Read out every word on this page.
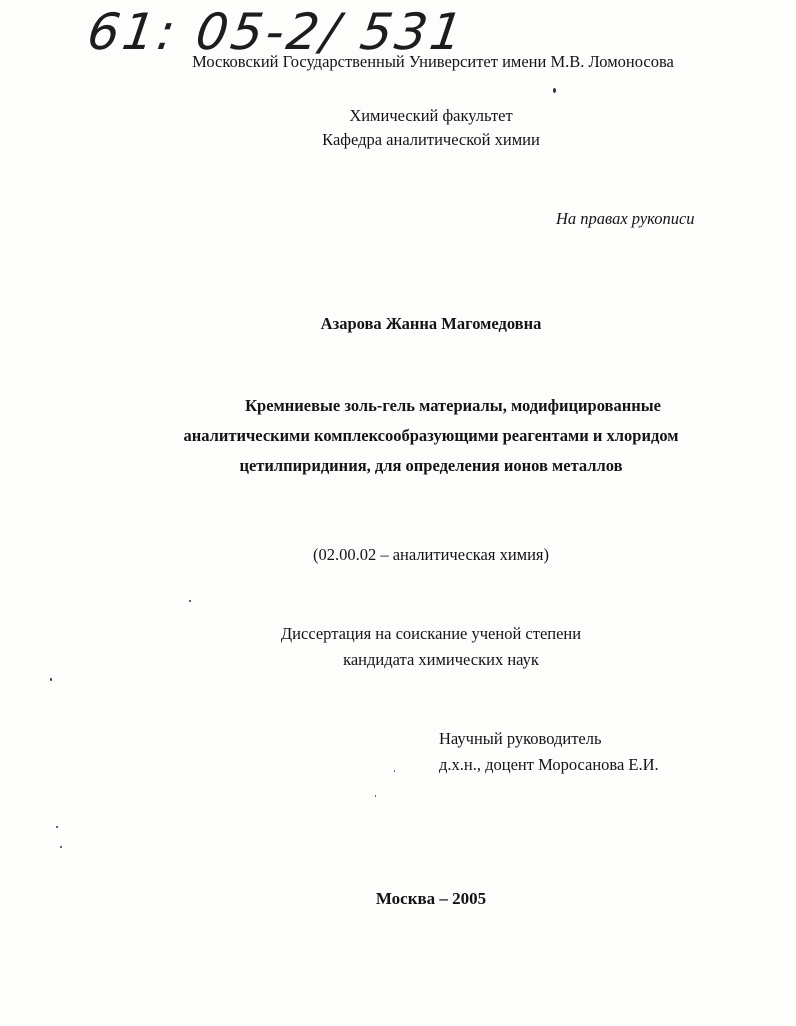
61: 05-2/ 531
Московский Государственный Университет имени М.В. Ломоносова
Химический факультет
Кафедра аналитической химии
На правах рукописи
Азарова Жанна Магомедовна
Кремниевые золь-гель материалы, модифицированные
аналитическими комплексообразующими реагентами и хлоридом
цетилпиридиния, для определения ионов металлов
(02.00.02 – аналитическая химия)
Диссертация на соискание ученой степени
кандидата химических наук
Научный руководитель
д.х.н., доцент Моросанова Е.И.
Москва – 2005
